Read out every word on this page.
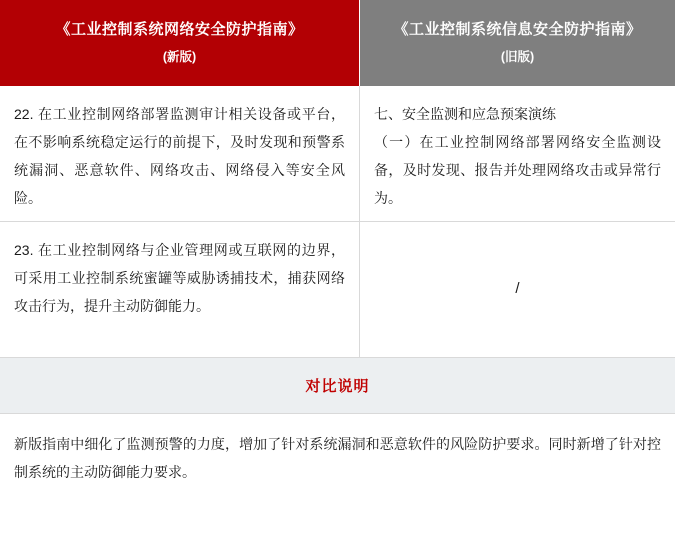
《工业控制系统网络安全防护指南》
(新版)
《工业控制系统信息安全防护指南》
(旧版)
22. 在工业控制网络部署监测审计相关设备或平台，在不影响系统稳定运行的前提下，及时发现和预警系统漏洞、恶意软件、网络攻击、网络侵入等安全风险。
七、安全监测和应急预案演练
（一）在工业控制网络部署网络安全监测设备，及时发现、报告并处理网络攻击或异常行为。
23. 在工业控制网络与企业管理网或互联网的边界，可采用工业控制系统蜜罐等威胁诱捕技术，捕获网络攻击行为，提升主动防御能力。
/
对比说明
新版指南中细化了监测预警的力度，增加了针对系统漏洞和恶意软件的风险防护要求。同时新增了针对控制系统的主动防御能力要求。
